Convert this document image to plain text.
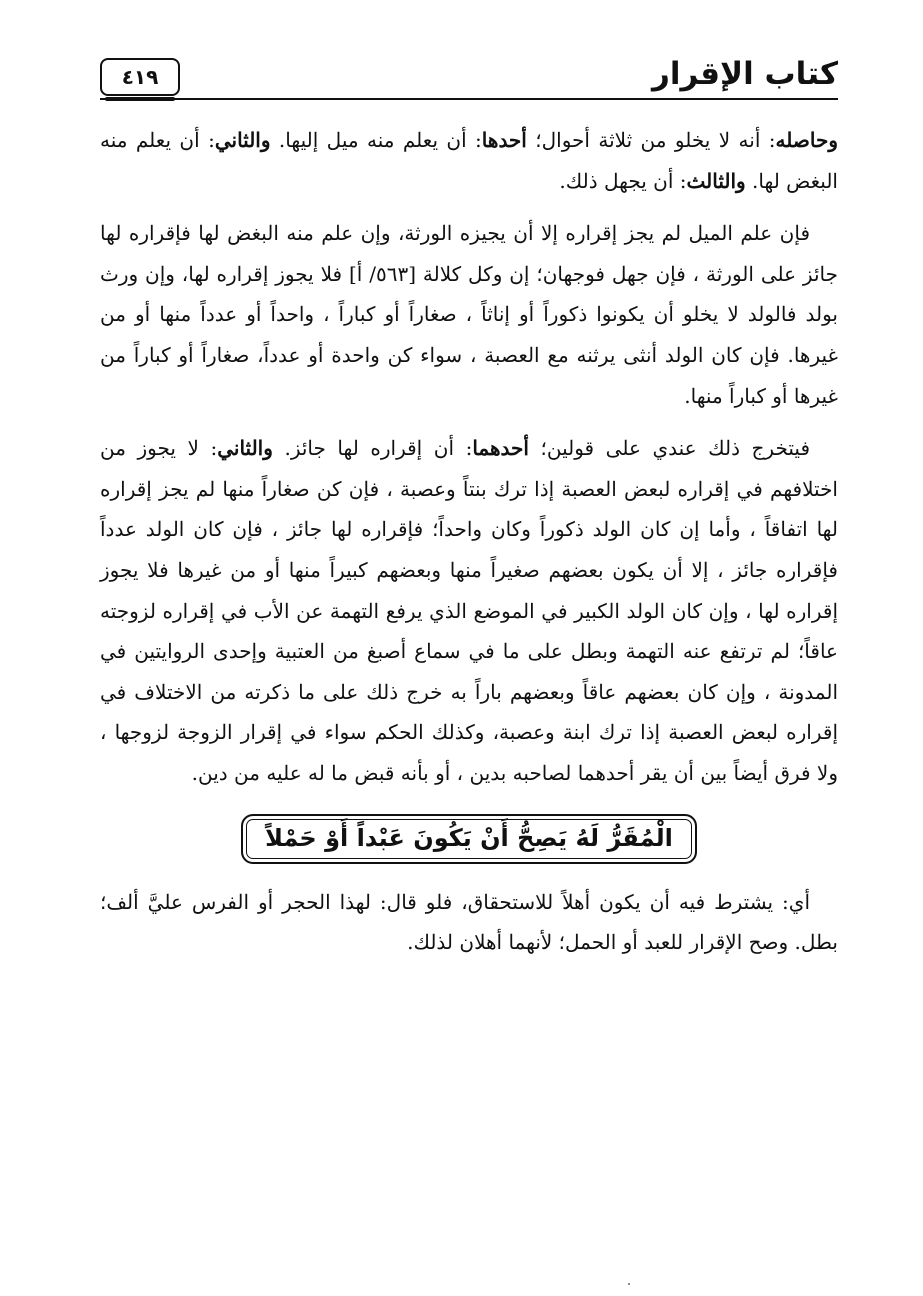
كتاب الإقرار
٤١٩

وحاصله: أنه لا يخلو من ثلاثة أحوال؛ أحدها: أن يعلم منه ميل إليها. والثاني: أن يعلم منه البغض لها. والثالث: أن يجهل ذلك.

فإن علم الميل لم يجز إقراره إلا أن يجيزه الورثة، وإن علم منه البغض لها فإقراره لها جائز على الورثة ، فإن جهل فوجهان؛ إن وكل كلالة [٥٦٣/ أ] فلا يجوز إقراره لها، وإن ورث بولد فالولد لا يخلو أن يكونوا ذكوراً أو إناثاً ، صغاراً أو كباراً ، واحداً أو عدداً منها أو من غيرها. فإن كان الولد أنثى يرثنه مع العصبة ، سواء كن واحدة أو عدداً، صغاراً أو كباراً من غيرها أو كباراً منها.

فيتخرج ذلك عندي على قولين؛ أحدهما: أن إقراره لها جائز. والثاني: لا يجوز من اختلافهم في إقراره لبعض العصبة إذا ترك بنتاً وعصبة ، فإن كن صغاراً منها لم يجز إقراره لها اتفاقاً ، وأما إن كان الولد ذكوراً وكان واحداً؛ فإقراره لها جائز ، فإن كان الولد عدداً فإقراره جائز ، إلا أن يكون بعضهم صغيراً منها وبعضهم كبيراً منها أو من غيرها فلا يجوز إقراره لها ، وإن كان الولد الكبير في الموضع الذي يرفع التهمة عن الأب في إقراره لزوجته عاقاً؛ لم ترتفع عنه التهمة وبطل على ما في سماع أصبغ من العتبية وإحدى الروايتين في المدونة ، وإن كان بعضهم عاقاً وبعضهم باراً به خرج ذلك على ما ذكرته من الاختلاف في إقراره لبعض العصبة إذا ترك ابنة وعصبة، وكذلك الحكم سواء في إقرار الزوجة لزوجها ، ولا فرق أيضاً بين أن يقر أحدهما لصاحبه بدين ، أو بأنه قبض ما له عليه من دين.

الْمُقَرُّ لَهُ يَصِحُّ أَنْ يَكُونَ عَبْداً أَوْ حَمْلاً

أي: يشترط فيه أن يكون أهلاً للاستحقاق، فلو قال: لهذا الحجر أو الفرس عليَّ ألف؛ بطل. وصح الإقرار للعبد أو الحمل؛ لأنهما أهلان لذلك.
